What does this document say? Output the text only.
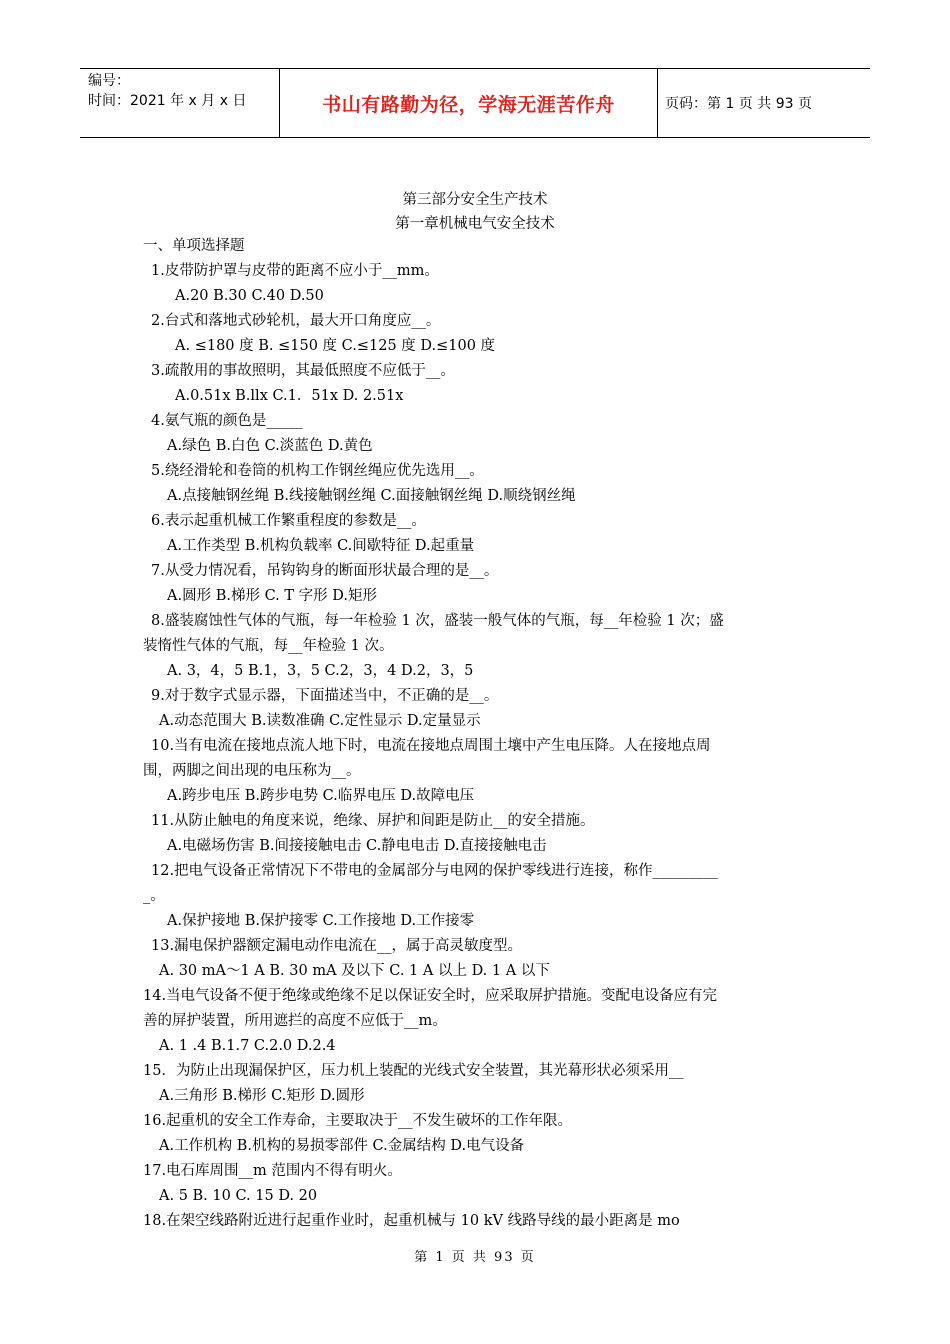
编号：
时间：2021 年 x 月 x 日	书山有路勤为径，学海无涯苦作舟	页码：第 1 页 共 93 页
第三部分安全生产技术
第一章机械电气安全技术
一、单项选择题
1.皮带防护罩与皮带的距离不应小于__mm。
A.20 B.30 C.40 D.50
2.台式和落地式砂轮机，最大开口角度应__。
A. ≤180 度 B. ≤150 度 C.≤125 度 D.≤100 度
3.疏散用的事故照明，其最低照度不应低于__。
A.0.51x B.llx C.1．51x D. 2.51x
4.氨气瓶的颜色是_____
A.绿色 B.白色 C.淡蓝色 D.黄色
5.绕经滑轮和卷筒的机构工作钢丝绳应优先选用__。
A.点接触钢丝绳 B.线接触钢丝绳 C.面接触钢丝绳 D.顺绕钢丝绳
6.表示起重机械工作繁重程度的参数是__。
A.工作类型 B.机构负载率 C.间歇特征 D.起重量
7.从受力情况看，吊钩钩身的断面形状最合理的是__。
A.圆形 B.梯形 C. T 字形 D.矩形
8.盛装腐蚀性气体的气瓶，每一年检验 1 次，盛装一般气体的气瓶，每__年检验 1 次；盛
装惰性气体的气瓶，每__年检验 1 次。
A. 3，4，5 B.1，3，5 C.2，3，4 D.2，3，5
9.对于数字式显示器，下面描述当中，不正确的是__。
A.动态范围大 B.读数准确 C.定性显示 D.定量显示
10.当有电流在接地点流人地下时，电流在接地点周围土壤中产生电压降。人在接地点周
围，两脚之间出现的电压称为__。
A.跨步电压 B.跨步电势 C.临界电压 D.故障电压
11.从防止触电的角度来说，绝缘、屏护和间距是防止__的安全措施。
A.电磁场伤害 B.间接接触电击 C.静电电击 D.直接接触电击
12.把电气设备正常情况下不带电的金属部分与电网的保护零线进行连接，称作_________
_。
A.保护接地 B.保护接零 C.工作接地 D.工作接零
13.漏电保护器额定漏电动作电流在__，属于高灵敏度型。
A. 30 mA～1 A B. 30 mA 及以下 C. 1 A 以上 D. 1 A 以下
14.当电气设备不便于绝缘或绝缘不足以保证安全时，应采取屏护措施。变配电设备应有完
善的屏护装置，所用遮拦的高度不应低于__m。
A. 1 .4 B.1.7 C.2.0 D.2.4
15．为防止出现漏保护区，压力机上装配的光线式安全装置，其光幕形状必须采用__
A.三角形 B.梯形 C.矩形 D.圆形
16.起重机的安全工作寿命，主要取决于__不发生破坏的工作年限。
A.工作机构 B.机构的易损零部件 C.金属结构 D.电气设备
17.电石库周围__m 范围内不得有明火。
A. 5 B. 10 C. 15 D. 20
18.在架空线路附近进行起重作业时，起重机械与 10 kV 线路导线的最小距离是 mo
第 1 页 共 93 页
